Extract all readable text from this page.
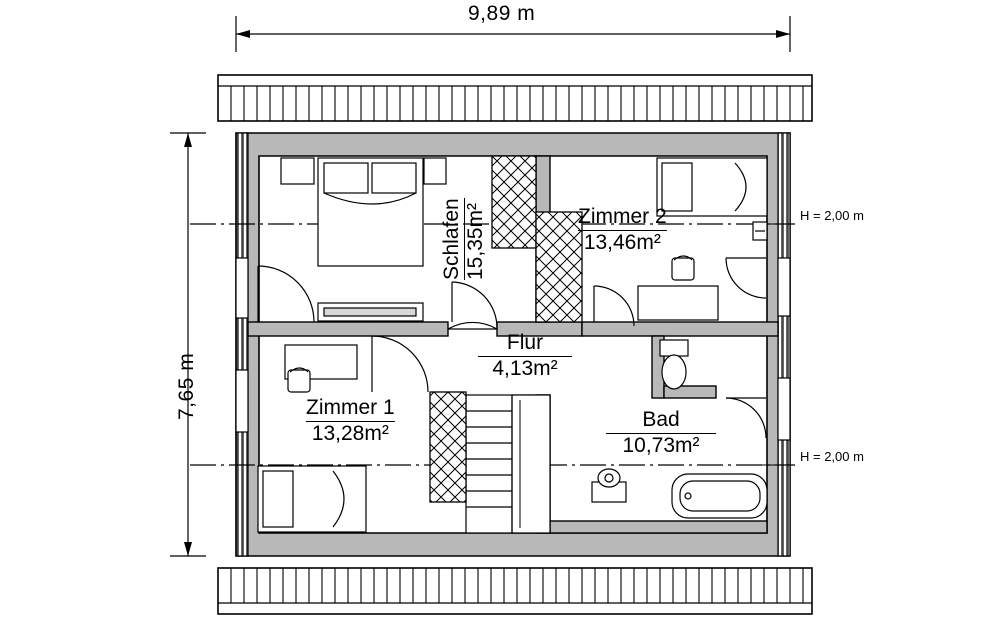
9,89 m
7,65 m
H = 2,00 m
H = 2,00 m
Schlafen 15,35m²	Zimmer 2
13,46m²
Flur
4,13m²
Zimmer 1
13,28m²
Bad
10,73m²
